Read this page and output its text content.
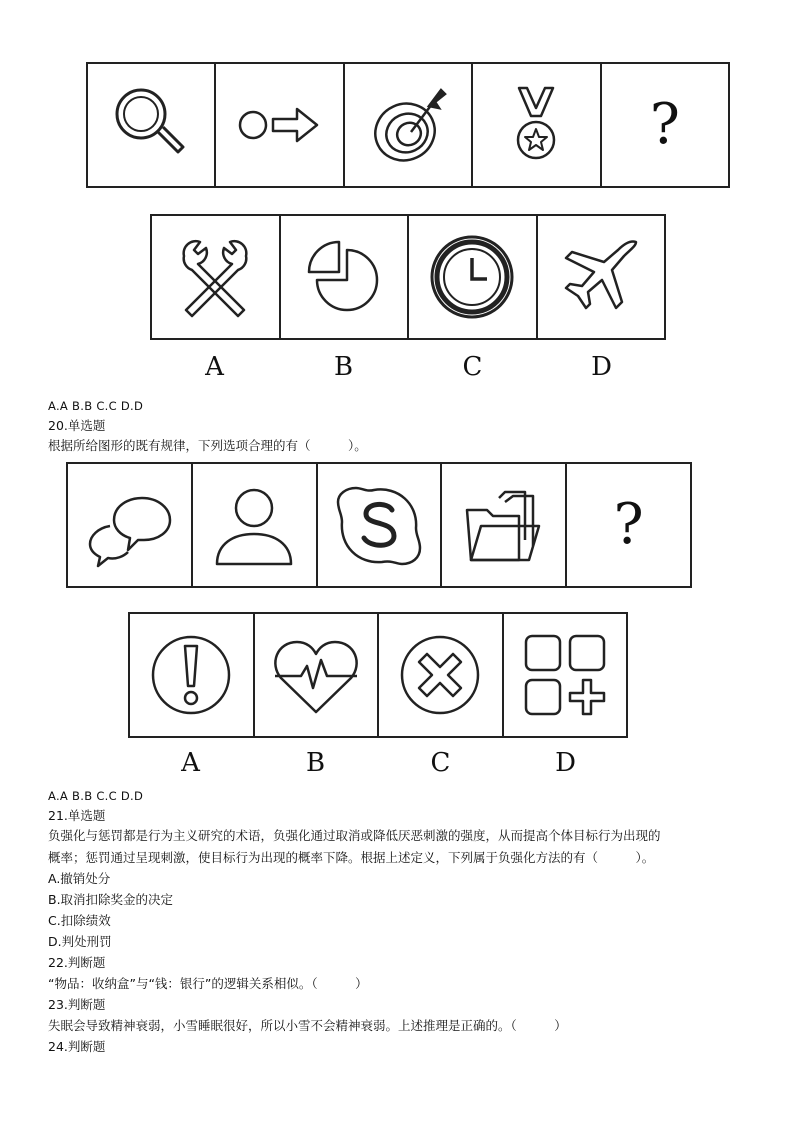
?
A	B	C	D
A.A B.B C.C D.D
20.单选题
根据所给图形的既有规律，下列选项合理的有（　　　）。
?
A	B	C	D
A.A B.B C.C D.D
21.单选题
负强化与惩罚都是行为主义研究的术语，负强化通过取消或降低厌恶刺激的强度，从而提高个体目标行为出现的
概率；惩罚通过呈现刺激，使目标行为出现的概率下降。根据上述定义，下列属于负强化方法的有（　　　）。
A.撤销处分
B.取消扣除奖金的决定
C.扣除绩效
D.判处刑罚
22.判断题
“物品：收纳盒”与“钱：银行”的逻辑关系相似。（　　　）
23.判断题
失眠会导致精神衰弱，小雪睡眠很好，所以小雪不会精神衰弱。上述推理是正确的。（　　　）
24.判断题
